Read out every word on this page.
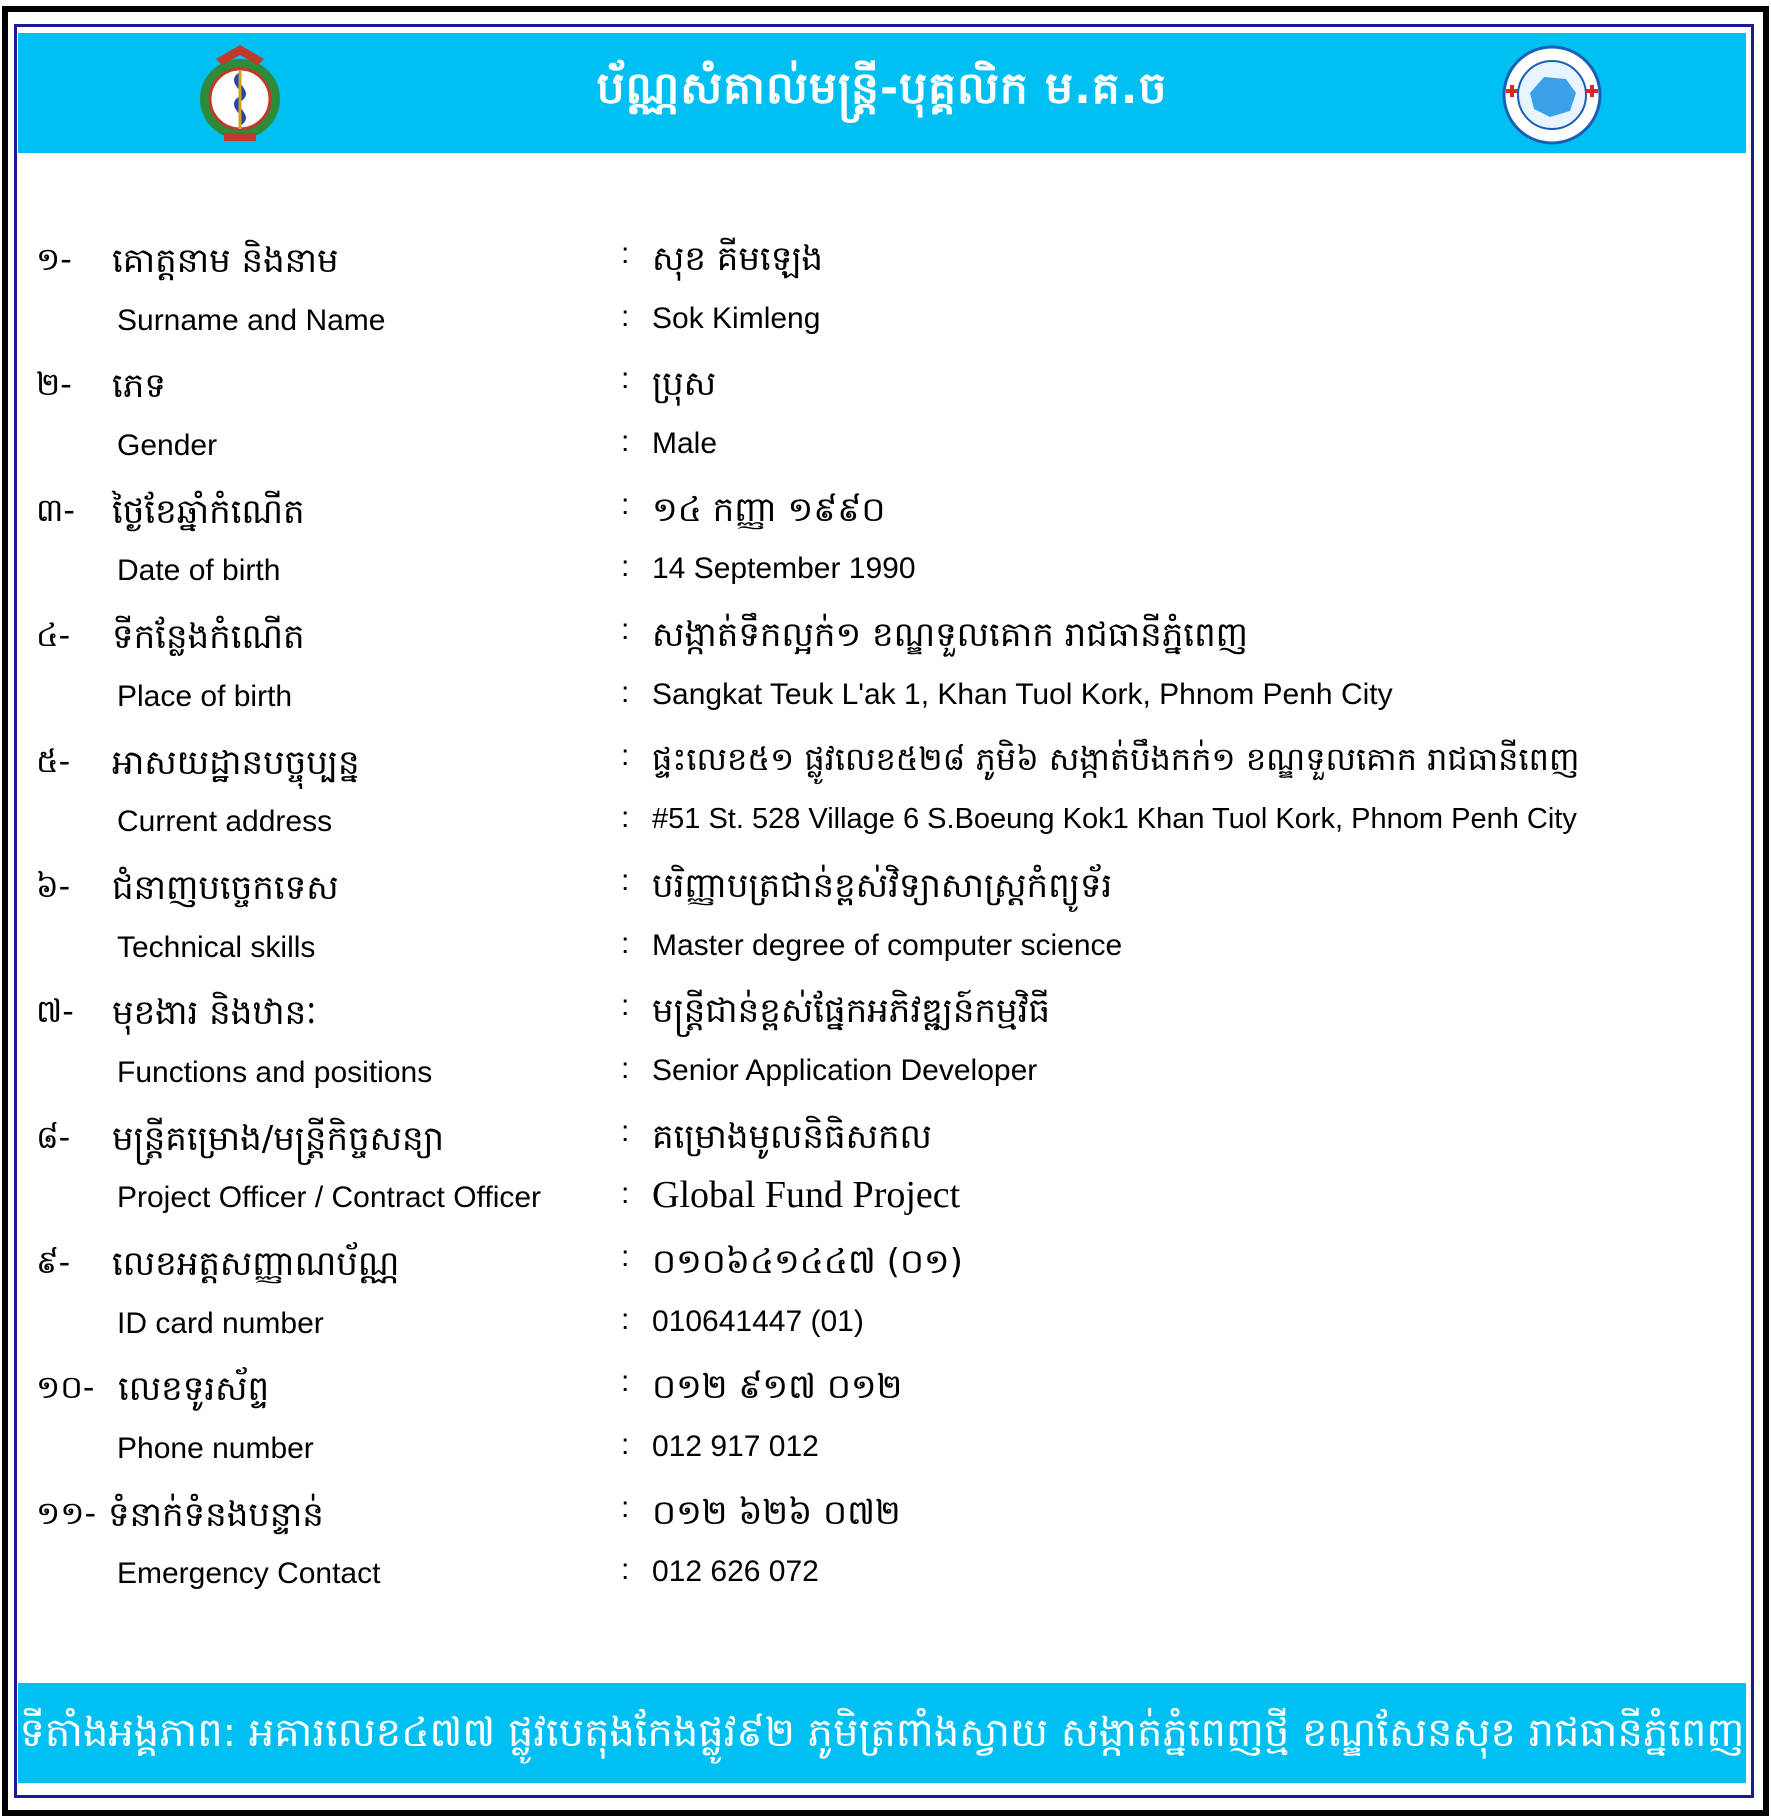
ប័ណ្ណសំគាល់មន្ត្រី-បុគ្គលិក ម.គ.ច
១- គោត្តនាម និងនាម	: សុខ គីមឡេង
Surname and Name	: Sok Kimleng
២- ភេទ	: ប្រុស
Gender	: Male
៣- ថ្ងៃខែឆ្នាំកំណើត	: ១៤ កញ្ញា ១៩៩០
Date of birth	: 14 September 1990
៤- ទីកន្លែងកំណើត	: សង្កាត់ទឹកល្អក់១ ខណ្ឌទួលគោក រាជធានីភ្នំពេញ
Place of birth	: Sangkat Teuk L'ak 1, Khan Tuol Kork, Phnom Penh City
៥- អាសយដ្ឋានបច្ចុប្បន្ន	: ផ្ទះលេខ៥១ ផ្លូវលេខ៥២៨ ភូមិ៦ សង្កាត់បឹងកក់១ ខណ្ឌទួលគោក រាជធានីពេញ
Current address	: #51 St. 528 Village 6 S.Boeung Kok1 Khan Tuol Kork, Phnom Penh City
៦- ជំនាញបច្ចេកទេស	: បរិញ្ញាបត្រជាន់ខ្ពស់វិទ្យាសាស្ត្រកំព្យូទ័រ
Technical skills	: Master degree of computer science
៧- មុខងារ និងឋានៈ	: មន្ត្រីជាន់ខ្ពស់ផ្នែកអភិវឌ្ឍន៍កម្មវិធី
Functions and positions	: Senior Application Developer
៨- មន្ត្រីគម្រោង/មន្ត្រីកិច្ចសន្យា	: គម្រោងមូលនិធិសកល
Project Officer / Contract Officer	: Global Fund Project
៩- លេខអត្តសញ្ញាណប័ណ្ណ	: ០១០៦៤១៤៤៧ (០១)
ID card number	: 010641447 (01)
១០- លេខទូរស័ព្ទ	: ០១២ ៩១៧ ០១២
Phone number	: 012 917 012
១១- ទំនាក់ទំនងបន្ទាន់	: ០១២ ៦២៦ ០៧២
Emergency Contact	: 012 626 072
ទីតាំងអង្គភាព: អគារលេខ៤៧៧ ផ្លូវបេតុងកែងផ្លូវ៩២ ភូមិត្រពាំងស្វាយ សង្កាត់ភ្នំពេញថ្មី ខណ្ឌសែនសុខ រាជធានីភ្នំពេញ
